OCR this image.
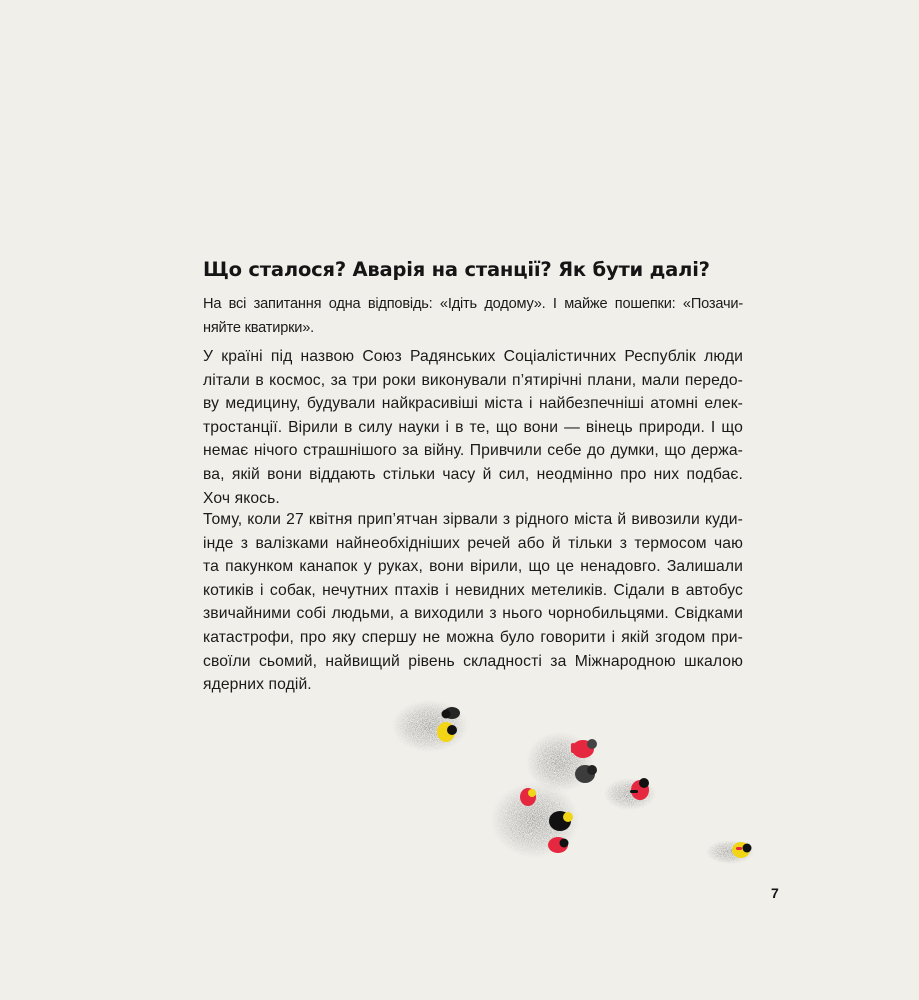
Що сталося? Аварія на станції? Як бути далі?

На всі запитання одна відповідь: «Ідіть додому». І майже пошепки: «Позачи-
няйте кватирки».

У країні під назвою Союз Радянських Соціалістичних Республік люди
літали в космос, за три роки виконували п’ятирічні плани, мали передо-
ву медицину, будували найкрасивіші міста і найбезпечніші атомні елек-
тростанції. Вірили в силу науки і в те, що вони — вінець природи. І що
немає нічого страшнішого за війну. Привчили себе до думки, що держа-
ва, якій вони віддають стільки часу й сил, неодмінно про них подбає.
Хоч якось.

Тому, коли 27 квітня прип’ятчан зірвали з рідного міста й вивозили куди-
інде з валізками найнеобхідніших речей або й тільки з термосом чаю
та пакунком канапок у руках, вони вірили, що це ненадовго. Залишали
котиків і собак, нечутних птахів і невидних метеликів. Сідали в автобус
звичайними собі людьми, а виходили з нього чорнобильцями. Свідками
катастрофи, про яку спершу не можна було говорити і якій згодом при-
своїли сьомий, найвищий рівень складності за Міжнародною шкалою
ядерних подій.

7
